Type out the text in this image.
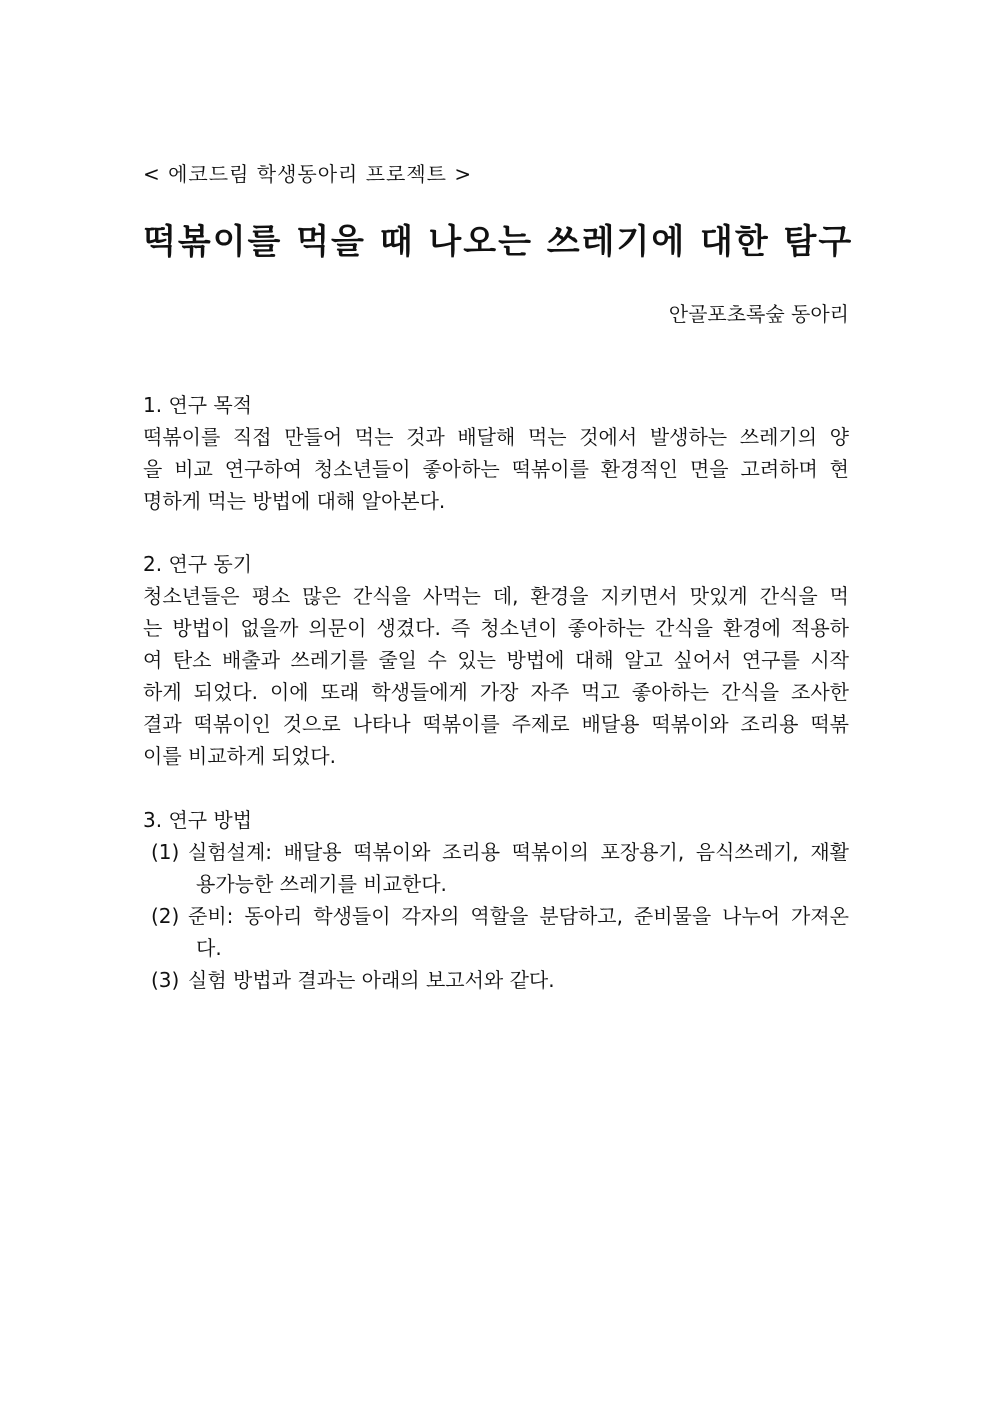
< 에코드림 학생동아리 프로젝트 >
떡볶이를 먹을 때 나오는 쓰레기에 대한 탐구
안골포초록숲 동아리
1. 연구 목적
떡볶이를 직접 만들어 먹는 것과 배달해 먹는 것에서 발생하는 쓰레기의 양
을 비교 연구하여 청소년들이 좋아하는 떡볶이를 환경적인 면을 고려하며 현
명하게 먹는 방법에 대해 알아본다.
2. 연구 동기
청소년들은 평소 많은 간식을 사먹는 데, 환경을 지키면서 맛있게 간식을 먹
는 방법이 없을까 의문이 생겼다. 즉 청소년이 좋아하는 간식을 환경에 적용하
여 탄소 배출과 쓰레기를 줄일 수 있는 방법에 대해 알고 싶어서 연구를 시작
하게 되었다. 이에 또래 학생들에게 가장 자주 먹고 좋아하는 간식을 조사한
결과 떡볶이인 것으로 나타나 떡볶이를 주제로 배달용 떡볶이와 조리용 떡볶
이를 비교하게 되었다.
3. 연구 방법
(1) 실험설계: 배달용 떡볶이와 조리용 떡볶이의 포장용기, 음식쓰레기, 재활
용가능한 쓰레기를 비교한다.
(2) 준비: 동아리 학생들이 각자의 역할을 분담하고, 준비물을 나누어 가져온
다.
(3) 실험 방법과 결과는 아래의 보고서와 같다.
